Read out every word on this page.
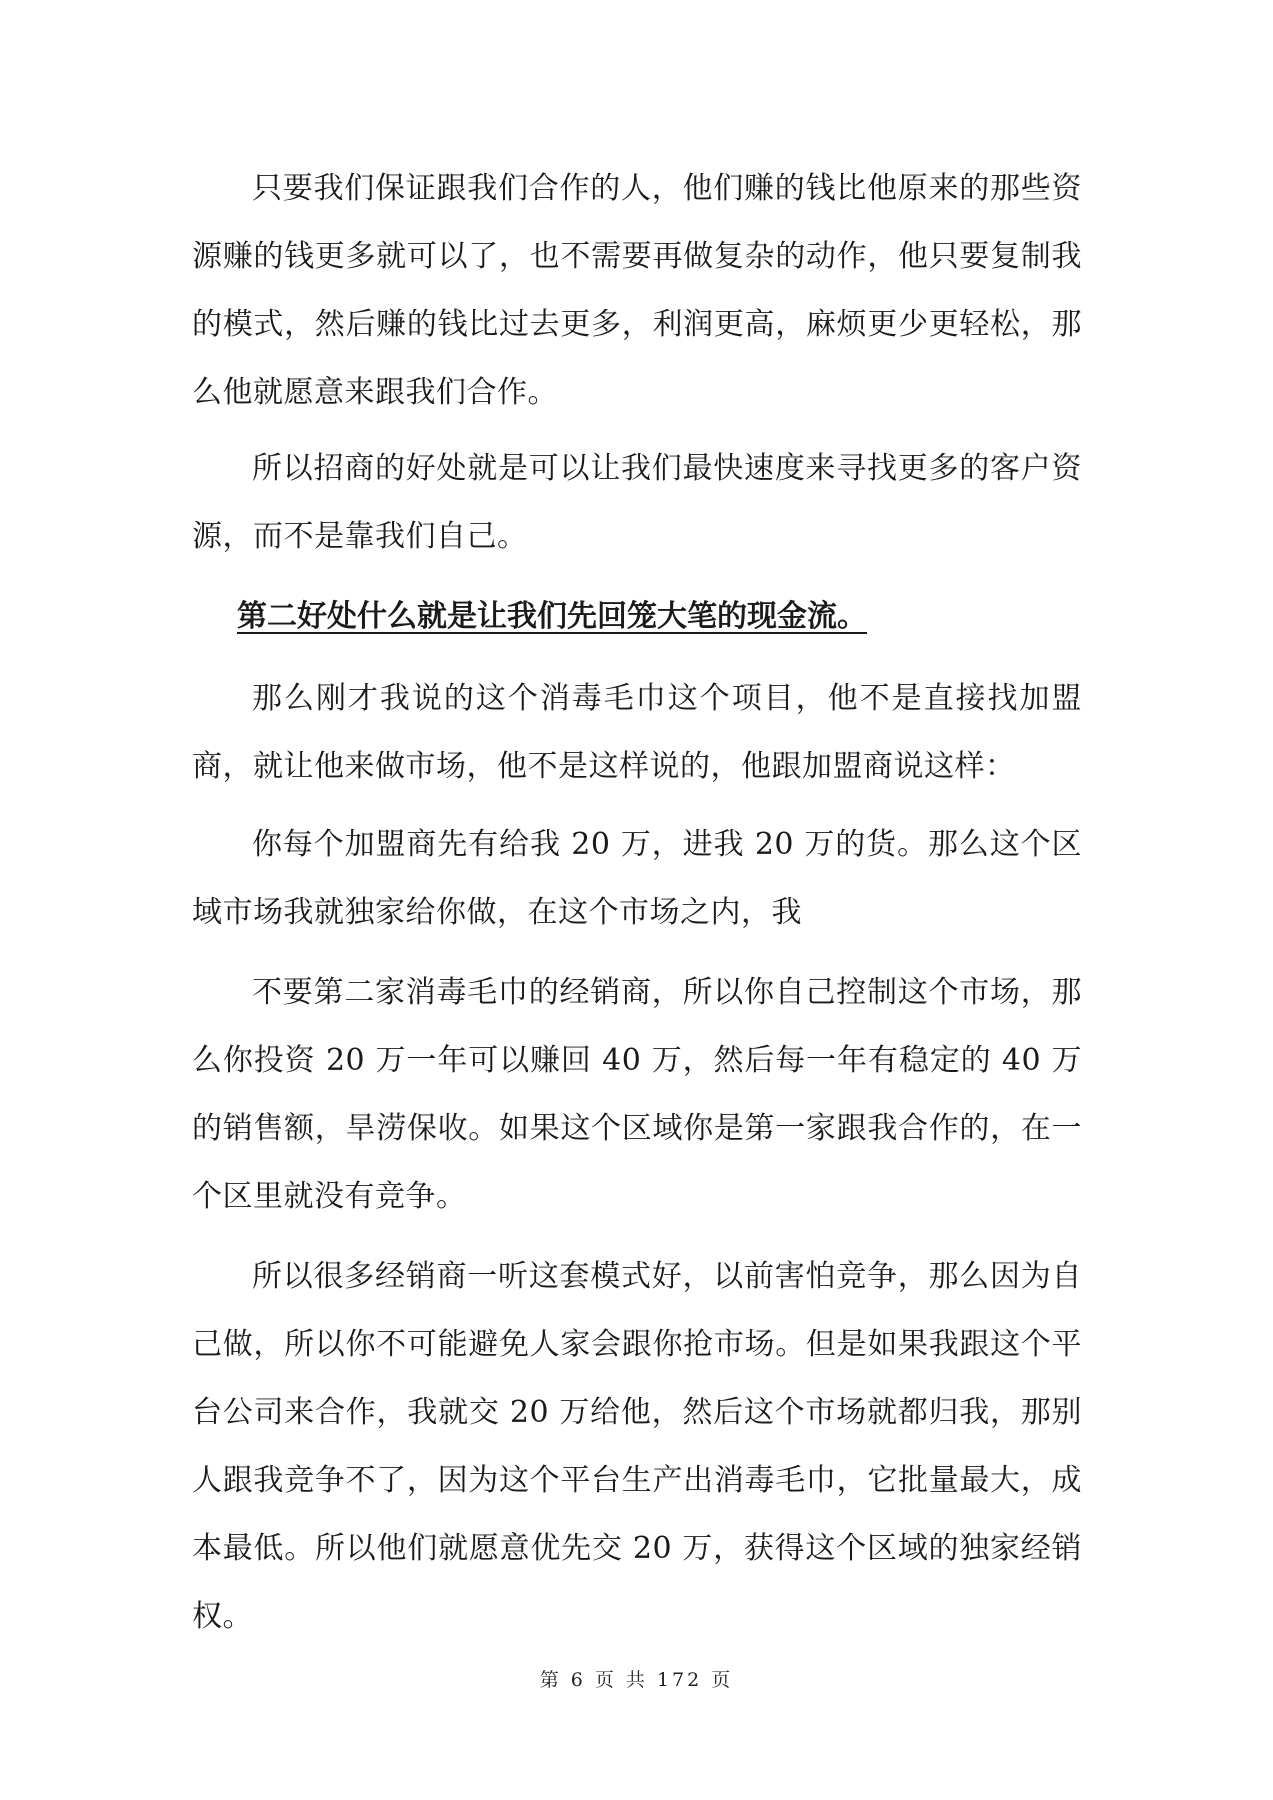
只要我们保证跟我们合作的人，他们赚的钱比他原来的那些资源赚的钱更多就可以了，也不需要再做复杂的动作，他只要复制我的模式，然后赚的钱比过去更多，利润更高，麻烦更少更轻松，那么他就愿意来跟我们合作。

所以招商的好处就是可以让我们最快速度来寻找更多的客户资源，而不是靠我们自己。

第二好处什么就是让我们先回笼大笔的现金流。

那么刚才我说的这个消毒毛巾这个项目，他不是直接找加盟商，就让他来做市场，他不是这样说的，他跟加盟商说这样：

你每个加盟商先有给我 20 万，进我 20 万的货。那么这个区域市场我就独家给你做，在这个市场之内，我

不要第二家消毒毛巾的经销商，所以你自己控制这个市场，那么你投资 20 万一年可以赚回 40 万，然后每一年有稳定的 40 万的销售额，旱涝保收。如果这个区域你是第一家跟我合作的，在一个区里就没有竞争。

所以很多经销商一听这套模式好，以前害怕竞争，那么因为自己做，所以你不可能避免人家会跟你抢市场。但是如果我跟这个平台公司来合作，我就交 20 万给他，然后这个市场就都归我，那别人跟我竞争不了，因为这个平台生产出消毒毛巾，它批量最大，成本最低。所以他们就愿意优先交 20 万，获得这个区域的独家经销权。

第 6 页 共 172 页
